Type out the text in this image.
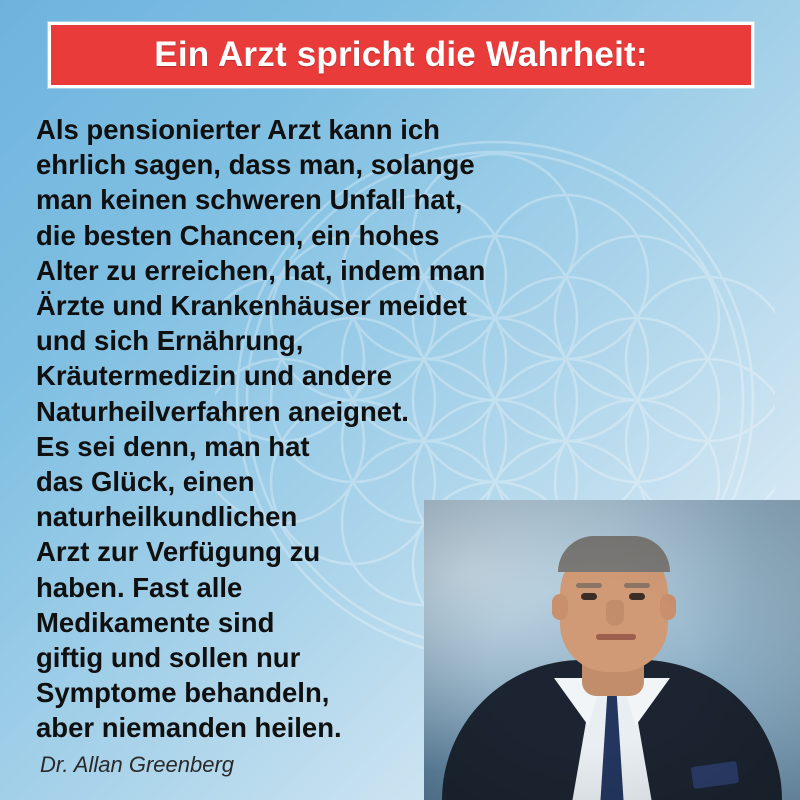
Ein Arzt spricht die Wahrheit:
Als pensionierter Arzt kann ich
ehrlich sagen, dass man, solange
man keinen schweren Unfall hat,
die besten Chancen, ein hohes
Alter zu erreichen, hat, indem man
Ärzte und Krankenhäuser meidet
und sich Ernährung,
Kräutermedizin und andere
Naturheilverfahren aneignet.
Es sei denn, man hat
das Glück, einen
naturheilkundlichen
Arzt zur Verfügung zu
haben. Fast alle
Medikamente sind
giftig und sollen nur
Symptome behandeln,
aber niemanden heilen.
Dr. Allan Greenberg
